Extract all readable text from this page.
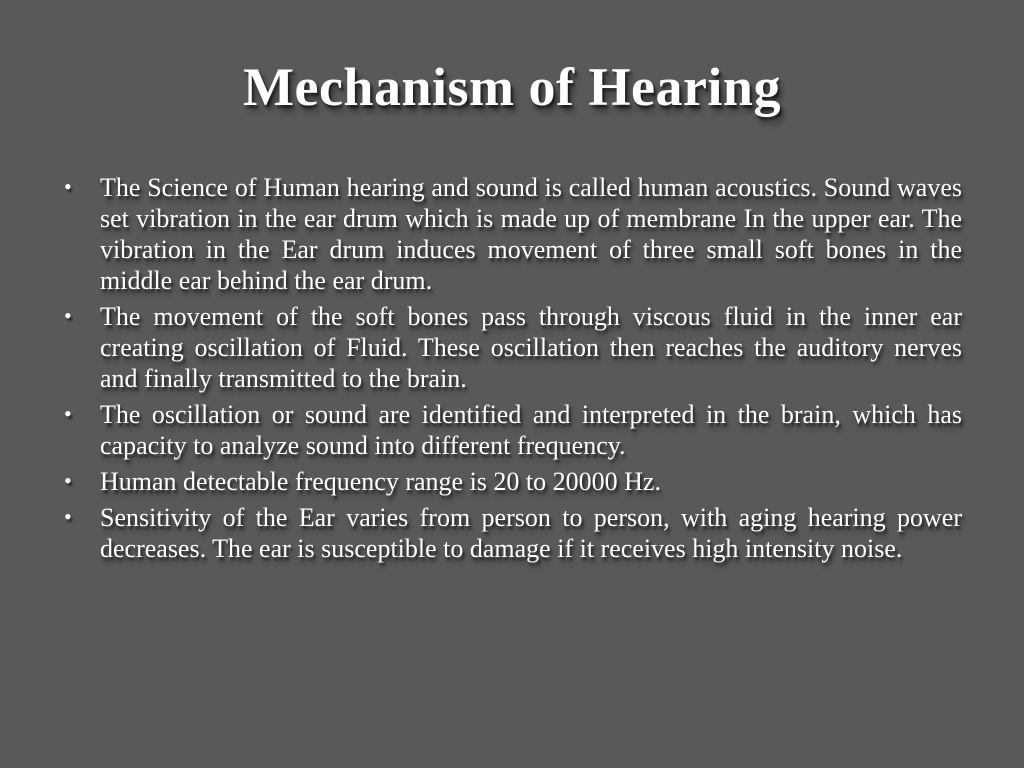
Mechanism of Hearing
• The Science of Human hearing and sound is called human acoustics. Sound waves set vibration in the ear drum which is made up of membrane In the upper ear. The vibration in the Ear drum induces movement of three small soft bones in the middle ear behind the ear drum.
• The movement of the soft bones pass through viscous fluid in the inner ear creating oscillation of Fluid. These oscillation then reaches the auditory nerves and finally transmitted to the brain.
• The oscillation or sound are identified and interpreted in the brain, which has capacity to analyze sound into different frequency.
• Human detectable frequency range is 20 to 20000 Hz.
• Sensitivity of the Ear varies from person to person, with aging hearing power decreases. The ear is susceptible to damage if it receives high intensity noise.
